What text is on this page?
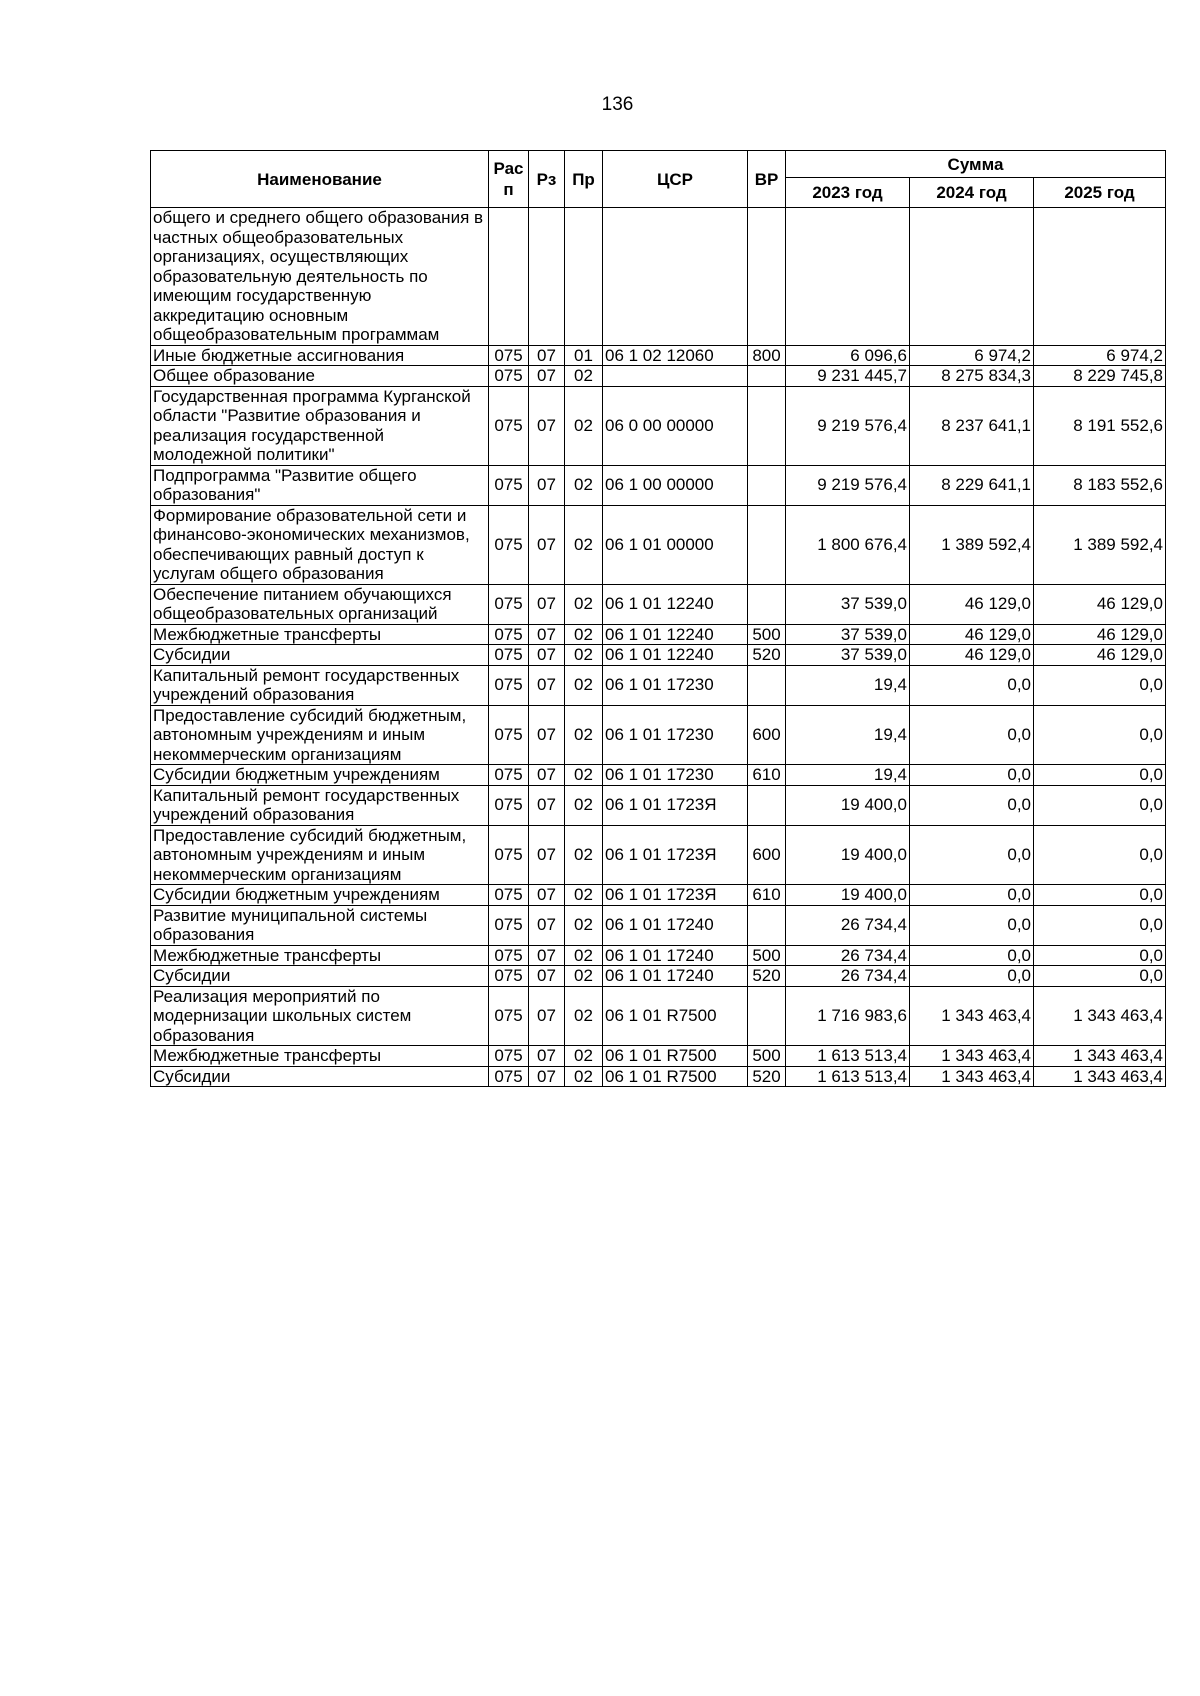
136
Наименование	Рас п	Рз	Пр	ЦСР	ВР	Сумма		
						2023 год	2024 год	2025 год
общего и среднего общего образования в частных общеобразовательных организациях, осуществляющих образовательную деятельность по имеющим государственную аккредитацию основным общеобразовательным программам								
Иные бюджетные ассигнования	075	07	01	06 1 02 12060	800	6 096,6	6 974,2	6 974,2
Общее образование	075	07	02			9 231 445,7	8 275 834,3	8 229 745,8
Государственная программа Курганской области "Развитие образования и реализация государственной молодежной политики"	075	07	02	06 0 00 00000		9 219 576,4	8 237 641,1	8 191 552,6
Подпрограмма "Развитие общего образования"	075	07	02	06 1 00 00000		9 219 576,4	8 229 641,1	8 183 552,6
Формирование образовательной сети и финансово-экономических механизмов, обеспечивающих равный доступ к услугам общего образования	075	07	02	06 1 01 00000		1 800 676,4	1 389 592,4	1 389 592,4
Обеспечение питанием обучающихся общеобразовательных организаций	075	07	02	06 1 01 12240		37 539,0	46 129,0	46 129,0
Межбюджетные трансферты	075	07	02	06 1 01 12240	500	37 539,0	46 129,0	46 129,0
Субсидии	075	07	02	06 1 01 12240	520	37 539,0	46 129,0	46 129,0
Капитальный ремонт государственных учреждений образования	075	07	02	06 1 01 17230		19,4	0,0	0,0
Предоставление субсидий бюджетным, автономным учреждениям и иным некоммерческим организациям	075	07	02	06 1 01 17230	600	19,4	0,0	0,0
Субсидии бюджетным учреждениям	075	07	02	06 1 01 17230	610	19,4	0,0	0,0
Капитальный ремонт государственных учреждений образования	075	07	02	06 1 01 1723Я		19 400,0	0,0	0,0
Предоставление субсидий бюджетным, автономным учреждениям и иным некоммерческим организациям	075	07	02	06 1 01 1723Я	600	19 400,0	0,0	0,0
Субсидии бюджетным учреждениям	075	07	02	06 1 01 1723Я	610	19 400,0	0,0	0,0
Развитие муниципальной системы образования	075	07	02	06 1 01 17240		26 734,4	0,0	0,0
Межбюджетные трансферты	075	07	02	06 1 01 17240	500	26 734,4	0,0	0,0
Субсидии	075	07	02	06 1 01 17240	520	26 734,4	0,0	0,0
Реализация мероприятий по модернизации школьных систем образования	075	07	02	06 1 01 R7500		1 716 983,6	1 343 463,4	1 343 463,4
Межбюджетные трансферты	075	07	02	06 1 01 R7500	500	1 613 513,4	1 343 463,4	1 343 463,4
Субсидии	075	07	02	06 1 01 R7500	520	1 613 513,4	1 343 463,4	1 343 463,4
